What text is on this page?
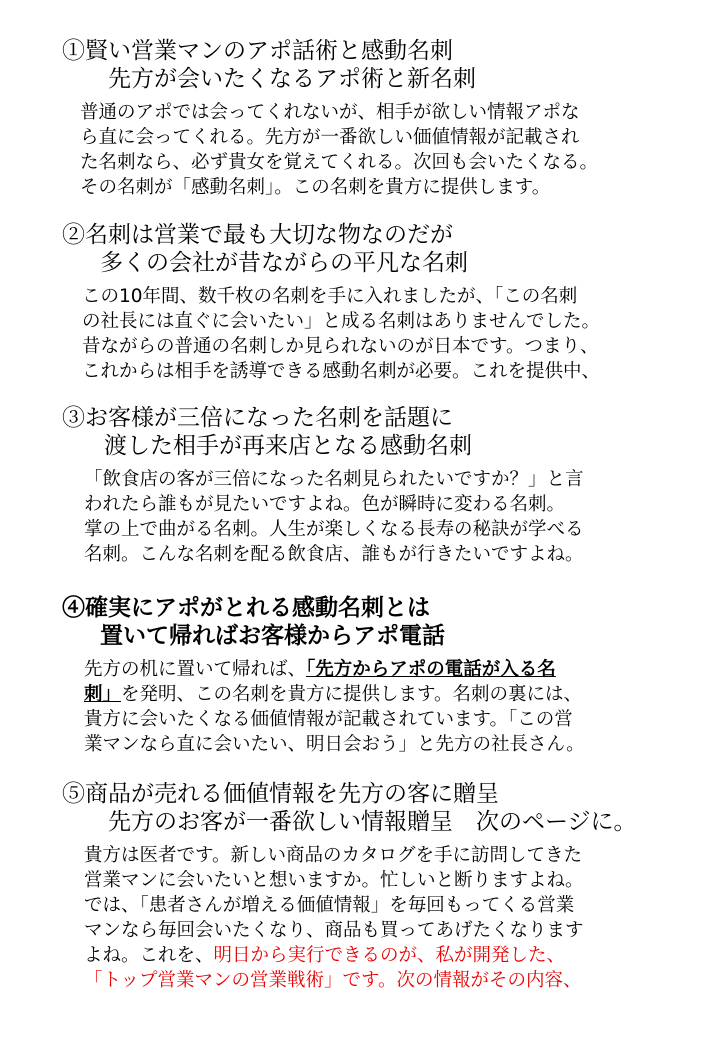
①賢い営業マンのアポ話術と感動名刺
先方が会いたくなるアポ術と新名刺
普通のアポでは会ってくれないが、相手が欲しい情報アポな
ら直に会ってくれる。先方が一番欲しい価値情報が記載され
た名刺なら、必ず貴女を覚えてくれる。次回も会いたくなる。
その名刺が「感動名刺」。この名刺を貴方に提供します。
②名刺は営業で最も大切な物なのだが
多くの会社が昔ながらの平凡な名刺
この10年間、数千枚の名刺を手に入れましたが、「この名刺
の社長には直ぐに会いたい」と成る名刺はありませんでした。
昔ながらの普通の名刺しか見られないのが日本です。つまり、
これからは相手を誘導できる感動名刺が必要。これを提供中、
③お客様が三倍になった名刺を話題に
渡した相手が再来店となる感動名刺
「飲食店の客が三倍になった名刺見られたいですか？」と言
われたら誰もが見たいですよね。色が瞬時に変わる名刺。
掌の上で曲がる名刺。人生が楽しくなる長寿の秘訣が学べる
名刺。こんな名刺を配る飲食店、誰もが行きたいですよね。
④確実にアポがとれる感動名刺とは
置いて帰ればお客様からアポ電話
先方の机に置いて帰れば、「先方からアポの電話が入る名
刺」を発明、この名刺を貴方に提供します。名刺の裏には、
貴方に会いたくなる価値情報が記載されています。「この営
業マンなら直に会いたい、明日会おう」と先方の社長さん。
⑤商品が売れる価値情報を先方の客に贈呈
先方のお客が一番欲しい情報贈呈　次のページに。
貴方は医者です。新しい商品のカタログを手に訪問してきた
営業マンに会いたいと想いますか。忙しいと断りますよね。
では、「患者さんが増える価値情報」を毎回もってくる営業
マンなら毎回会いたくなり、商品も買ってあげたくなります
よね。これを、明日から実行できるのが、私が開発した、
「トップ営業マンの営業戦術」です。次の情報がその内容、
